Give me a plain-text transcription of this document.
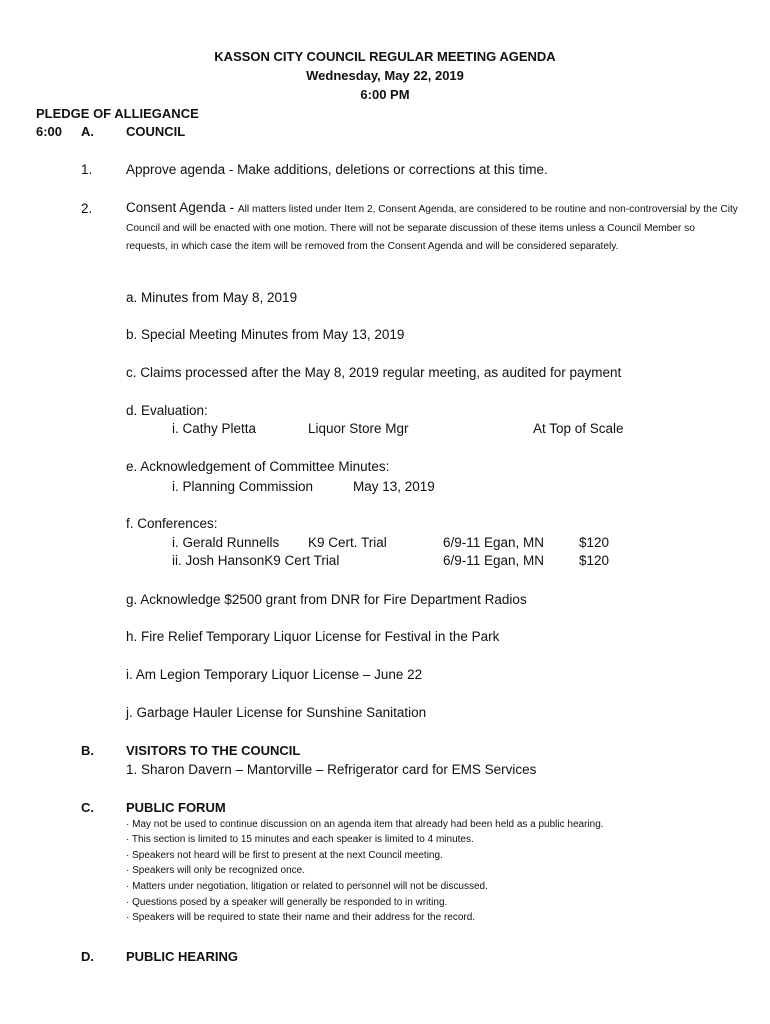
KASSON CITY COUNCIL REGULAR MEETING AGENDA
Wednesday, May 22, 2019
6:00 PM
PLEDGE OF ALLIEGANCE
6:00 A. COUNCIL
1. Approve agenda - Make additions, deletions or corrections at this time.
2. Consent Agenda - All matters listed under Item 2, Consent Agenda, are considered to be routine and non-controversial by the City Council and will be enacted with one motion. There will not be separate discussion of these items unless a Council Member so requests, in which case the item will be removed from the Consent Agenda and will be considered separately.
a. Minutes from May 8, 2019
b. Special Meeting Minutes from May 13, 2019
c. Claims processed after the May 8, 2019 regular meeting, as audited for payment
d. Evaluation:
i. Cathy Pletta	Liquor Store Mgr	At Top of Scale
e. Acknowledgement of Committee Minutes:
i. Planning Commission	May 13, 2019
f. Conferences:
i. Gerald Runnells K9 Cert. Trial	6/9-11 Egan, MN	$120
ii. Josh HansonK9 Cert Trial	6/9-11 Egan, MN	$120
g. Acknowledge $2500 grant from DNR for Fire Department Radios
h. Fire Relief Temporary Liquor License for Festival in the Park
i. Am Legion Temporary Liquor License – June 22
j. Garbage Hauler License for Sunshine Sanitation
B. VISITORS TO THE COUNCIL
1. Sharon Davern – Mantorville – Refrigerator card for EMS Services
C. PUBLIC FORUM
· May not be used to continue discussion on an agenda item that already had been held as a public hearing.
· This section is limited to 15 minutes and each speaker is limited to 4 minutes.
· Speakers not heard will be first to present at the next Council meeting.
· Speakers will only be recognized once.
· Matters under negotiation, litigation or related to personnel will not be discussed.
· Questions posed by a speaker will generally be responded to in writing.
· Speakers will be required to state their name and their address for the record.
D. PUBLIC HEARING
